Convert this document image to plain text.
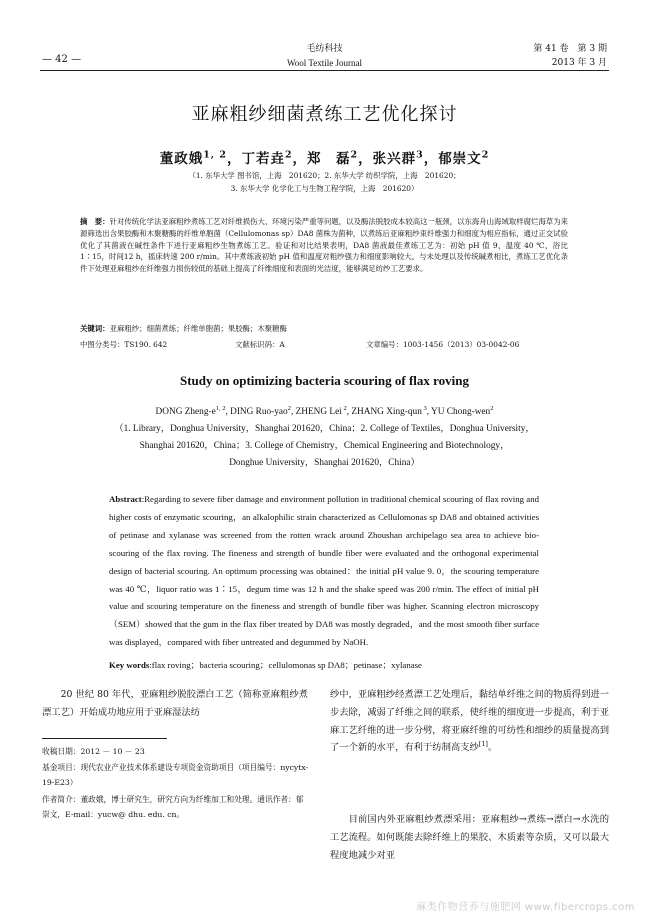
— 42 —
毛纺科技
Wool Textile Journal
第 41 卷　第 3 期
2013 年 3 月
亚麻粗纱细菌煮练工艺优化探讨
董政娥$^{1, 2}$，丁若垚$^2$，郑　磊$^2$，张兴群$^3$，郁崇文$^2$
（1. 东华大学 图书馆，上海　201620；2. 东华大学 纺织学院，上海　201620；
3. 东华大学 化学化工与生物工程学院，上海　201620）
摘　要：针对传统化学法亚麻粗纱煮练工艺对纤维损伤大、环境污染严重等问题，以及酶法脱胶成本较高这一瓶颈，以东海舟山海域取样腐烂海草为来源筛选出含果胶酶和木聚糖酶的纤维单胞菌（Cellulomonas sp）DA8 菌株为菌种，以煮练后亚麻粗纱束纤维强力和细度为相应指标，通过正交试验优化了其菌液在碱性条件下进行亚麻粗纱生物煮练工艺。验证和对比结果表明，DA8 菌液最佳煮练工艺为：初始 pH 值 9，温度 40 ℃，浴比 1∶15，时间12 h，摇床转速 200 r/min。其中煮练液初始 pH 值和温度对粗纱强力和细度影响较大。与未处理以及传统碱煮相比，煮练工艺优化条件下处理亚麻粗纱在纤维强力损伤较低的基础上提高了纤维细度和表面的光洁度，能够满足纺纱工艺要求。
关键词：亚麻粗纱；细菌煮练；纤维单胞菌；果胶酶；木聚糖酶
中图分类号：TS190. 642	文献标识码：A	文章编号：1003-1456（2013）03-0042-06
Study on optimizing bacteria scouring of flax roving
DONG Zheng-$e^{1, 2}$, DING Ruo-yao$^2$, ZHENG Lei $^2$, ZHANG Xing-qun $^3$, YU Chong-wen$^2$
（1. Library，Donghua University，Shanghai 201620，China；2. College of Textiles，Donghua University，
Shanghai 201620，China；3. College of Chemistry，Chemical Engineering and Biotechnology，
Donghue University，Shanghai 201620，China）
Abstract:Regarding to severe fiber damage and environment pollution in traditional chemical scouring of flax roving and higher costs of enzymatic scouring，an alkalophilic strain characterized as Cellulomonas sp DA8 and obtained activities of petinase and xylanase was screened from the rotten wrack around Zhoushan archipelago sea area to achieve bio-scouring of the flax roving. The fineness and strength of bundle fiber were evaluated and the orthogonal experimental design of bacterial scouring. An optimum processing was obtained：the initial pH value 9. 0，the scouring temperature was 40 ℃，liquor ratio was 1∶15，degum time was 12 h and the shake speed was 200 r/min. The effect of initial pH value and scouring temperature on the fineness and strength of bundle fiber was higher. Scanning electron microscopy（SEM）showed that the gum in the flax fiber treated by DA8 was mostly degraded，and the most smooth fiber surface was displayed，compared with fiber untreated and degummed by NaOH.
Key words:flax roving；bacteria scouring；cellulomonas sp DA8；petinase；xylanase
20 世纪 80 年代，亚麻粗纱脱胶漂白工艺（简称亚麻粗纱煮漂工艺）开始成功地应用于亚麻湿法纺
收稿日期：2012 － 10 － 23
基金项目：现代农业产业技术体系建设专项资金资助项目（项目编号：nycytx-19-E23）
作者简介：董政娥，博士研究生，研究方向为纤维加工和处理。通讯作者：郁崇文，E-mail：yucw@ dhu. edu. cn。
纱中，亚麻粗纱经煮漂工艺处理后，黏结单纤维之间的物质得到进一步去除，减弱了纤维之间的联系，使纤维的细度进一步提高，利于亚麻工艺纤维的进一步分劈，将亚麻纤维的可纺性和细纱的质量提高到了一个新的水平，有利于纺制高支纱[1]。
目前国内外亚麻粗纱煮漂采用：亚麻粗纱→煮练→漂白→水洗的工艺流程。如何既能去除纤维上的果胶、木质素等杂质，又可以最大程度地减少对亚
麻类作物营养与施肥网 www.fibercrops.com
